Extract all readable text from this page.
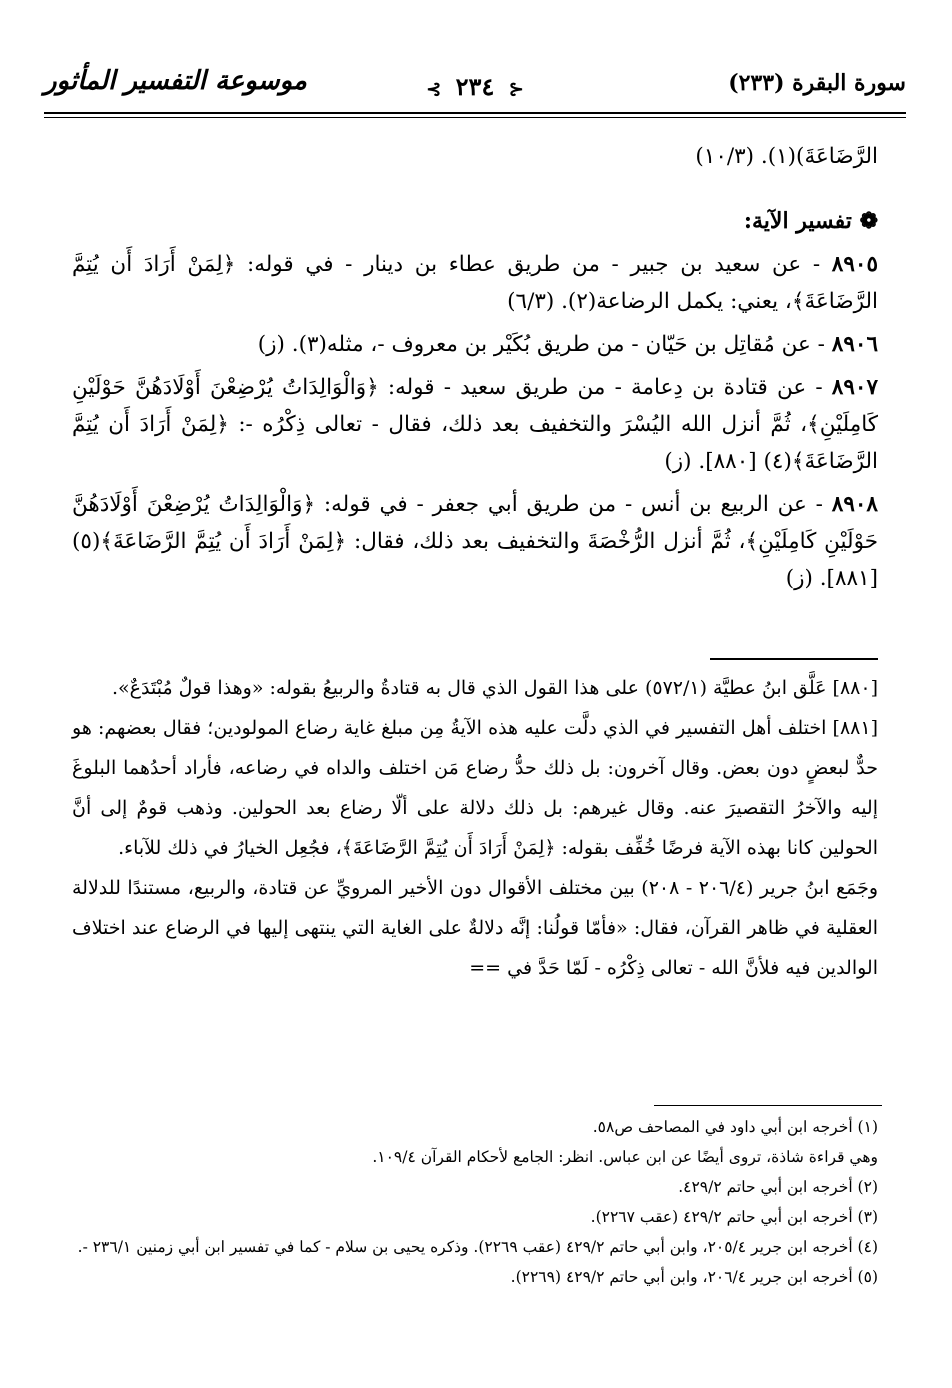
موسوعة التفسير المأثور	⊰ ٢٣٤ ⊱	سورة البقرة (٢٣٣)

الرَّضَاعَةَ)(١). (١٠/٣)

❁ تفسير الآية:

٨٩٠٥ - عن سعيد بن جبير - من طريق عطاء بن دينار - في قوله: ﴿لِمَنْ أَرَادَ أَن يُتِمَّ الرَّضَاعَةَ﴾، يعني: يكمل الرضاعة(٢). (٦/٣)

٨٩٠٦ - عن مُقاتِل بن حَيّان - من طريق بُكَيْر بن معروف -، مثله(٣). (ز)

٨٩٠٧ - عن قتادة بن دِعامة - من طريق سعيد - قوله: ﴿وَالْوَالِدَاتُ يُرْضِعْنَ أَوْلَادَهُنَّ حَوْلَيْنِ كَامِلَيْنِ﴾، ثُمَّ أنزل الله اليُسْرَ والتخفيف بعد ذلك، فقال - تعالى ذِكْرُه -: ﴿لِمَنْ أَرَادَ أَن يُتِمَّ الرَّضَاعَةَ﴾(٤) [٨٨٠]. (ز)

٨٩٠٨ - عن الربيع بن أنس - من طريق أبي جعفر - في قوله: ﴿وَالْوَالِدَاتُ يُرْضِعْنَ أَوْلَادَهُنَّ حَوْلَيْنِ كَامِلَيْنِ﴾، ثُمَّ أنزل الرُّخْصَةَ والتخفيف بعد ذلك، فقال: ﴿لِمَنْ أَرَادَ أَن يُتِمَّ الرَّضَاعَةَ﴾(٥) [٨٨١]. (ز)

[٨٨٠] عَلَّق ابنُ عطيَّة (٥٧٢/١) على هذا القول الذي قال به قتادةُ والربيعُ بقوله: «وهذا قولٌ مُبْتَدَعٌ».

[٨٨١] اختلف أهل التفسير في الذي دلَّت عليه هذه الآيةُ مِن مبلغ غاية رضاع المولودين؛ فقال بعضهم: هو حدٌّ لبعضٍ دون بعض. وقال آخرون: بل ذلك حدُّ رضاع مَن اختلف والداه في رضاعه، فأراد أحدُهما البلوغَ إليه والآخرُ التقصيرَ عنه. وقال غيرهم: بل ذلك دلالة على ألّا رضاع بعد الحولين. وذهب قومٌ إلى أنَّ الحولين كانا بهذه الآية فرضًا خُفِّف بقوله: ﴿لِمَنْ أَرَادَ أَن يُتِمَّ الرَّضَاعَةَ﴾، فجُعِل الخيارُ في ذلك للآباء.

وجَمَع ابنُ جرير (٢٠٦/٤ - ٢٠٨) بين مختلف الأقوال دون الأخير المرويِّ عن قتادة، والربيع، مستندًا للدلالة العقلية في ظاهر القرآن، فقال: «فأمّا قولُنا: إنَّه دلالةٌ على الغاية التي ينتهى إليها في الرضاع عند اختلاف الوالدين فيه فلأنَّ الله - تعالى ذِكْرُه - لَمّا حَدَّ في ==

(١) أخرجه ابن أبي داود في المصاحف ص٥٨.

وهي قراءة شاذة، تروى أيضًا عن ابن عباس. انظر: الجامع لأحكام القرآن ١٠٩/٤.

(٢) أخرجه ابن أبي حاتم ٤٢٩/٢.

(٣) أخرجه ابن أبي حاتم ٤٢٩/٢ (عقب ٢٢٦٧).

(٤) أخرجه ابن جرير ٢٠٥/٤، وابن أبي حاتم ٤٢٩/٢ (عقب ٢٢٦٩). وذكره يحيى بن سلام - كما في تفسير ابن أبي زمنين ٢٣٦/١ -.

(٥) أخرجه ابن جرير ٢٠٦/٤، وابن أبي حاتم ٤٢٩/٢ (٢٢٦٩).
